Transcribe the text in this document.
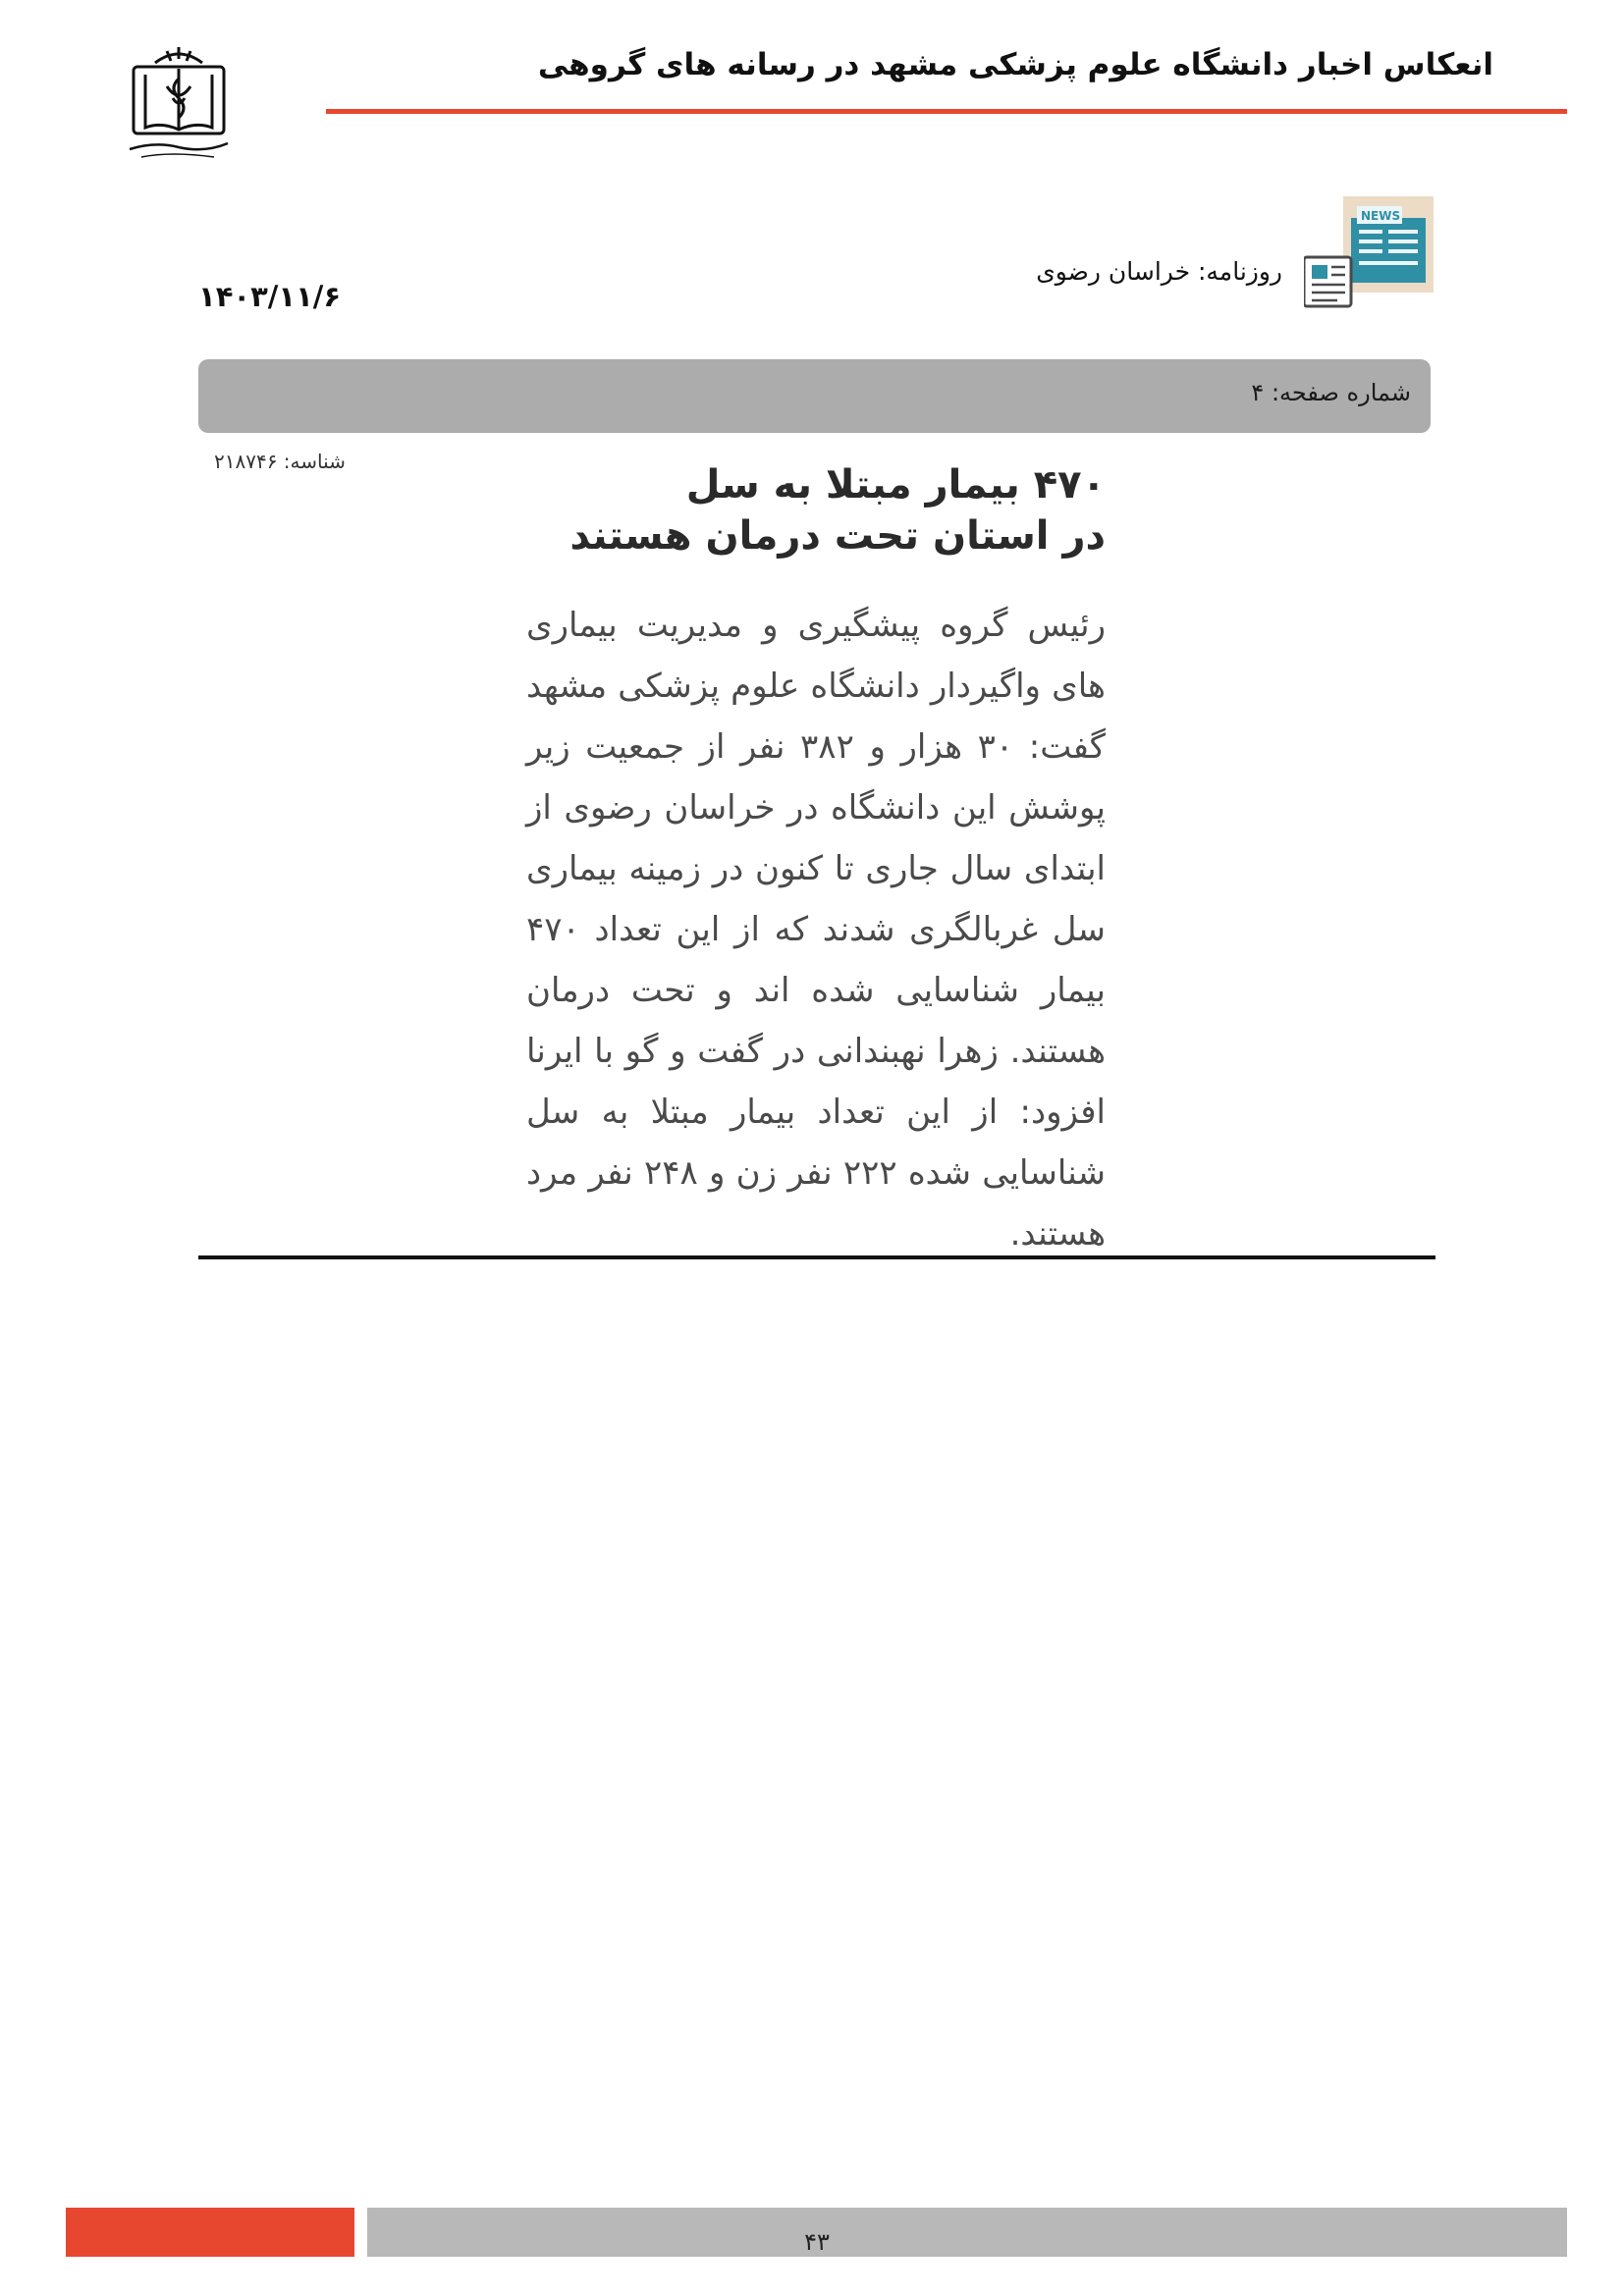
انعکاس اخبار دانشگاه علوم پزشکی مشهد در رسانه های گروهی
NEWS
روزنامه: خراسان رضوی
۱۴۰۳/۱۱/۶
شماره صفحه: ۴
شناسه: ۲۱۸۷۴۶
۴۷۰ بیمار مبتلا به سل
در استان تحت درمان هستند
رئیس گروه پیشگیری و مدیریت بیماری های واگیردار دانشگاه علوم پزشکی مشهد گفت: ۳۰ هزار و ۳۸۲ نفر از جمعیت زیر پوشش این دانشگاه در خراسان رضوی از ابتدای سال جاری تا کنون در زمینه بیماری سل غربالگری شدند که از این تعداد ۴۷۰ بیمار شناسایی شده اند و تحت درمان هستند. زهرا نهبندانی در گفت و گو با ایرنا افزود: از این تعداد بیمار مبتلا به سل شناسایی شده ۲۲۲ نفر زن و ۲۴۸ نفر مرد هستند.
۴۳
